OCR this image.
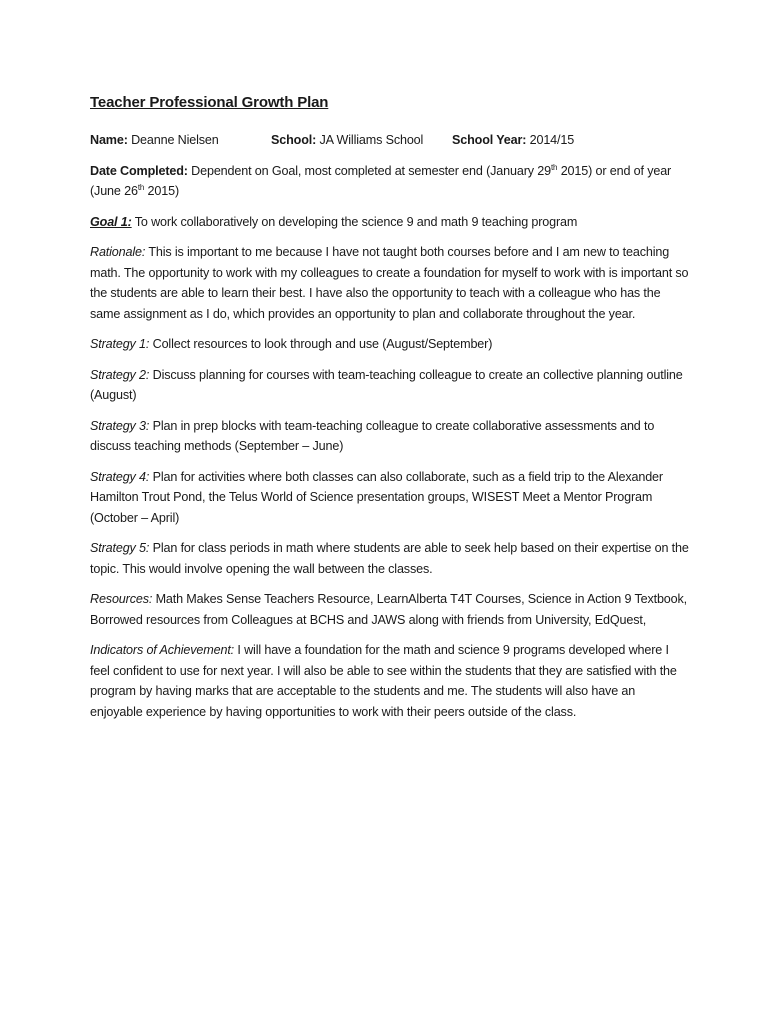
Teacher Professional Growth Plan
Name: Deanne Nielsen	School: JA Williams School	School Year: 2014/15
Date Completed: Dependent on Goal, most completed at semester end (January 29th 2015) or end of year (June 26th 2015)
Goal 1: To work collaboratively on developing the science 9 and math 9 teaching program
Rationale: This is important to me because I have not taught both courses before and I am new to teaching math. The opportunity to work with my colleagues to create a foundation for myself to work with is important so the students are able to learn their best. I have also the opportunity to teach with a colleague who has the same assignment as I do, which provides an opportunity to plan and collaborate throughout the year.
Strategy 1: Collect resources to look through and use (August/September)
Strategy 2: Discuss planning for courses with team-teaching colleague to create an collective planning outline (August)
Strategy 3: Plan in prep blocks with team-teaching colleague to create collaborative assessments and to discuss teaching methods (September – June)
Strategy 4: Plan for activities where both classes can also collaborate, such as a field trip to the Alexander Hamilton Trout Pond, the Telus World of Science presentation groups, WISEST Meet a Mentor Program (October – April)
Strategy 5: Plan for class periods in math where students are able to seek help based on their expertise on the topic. This would involve opening the wall between the classes.
Resources: Math Makes Sense Teachers Resource, LearnAlberta T4T Courses, Science in Action 9 Textbook, Borrowed resources from Colleagues at BCHS and JAWS along with friends from University, EdQuest,
Indicators of Achievement: I will have a foundation for the math and science 9 programs developed where I feel confident to use for next year. I will also be able to see within the students that they are satisfied with the program by having marks that are acceptable to the students and me. The students will also have an enjoyable experience by having opportunities to work with their peers outside of the class.
